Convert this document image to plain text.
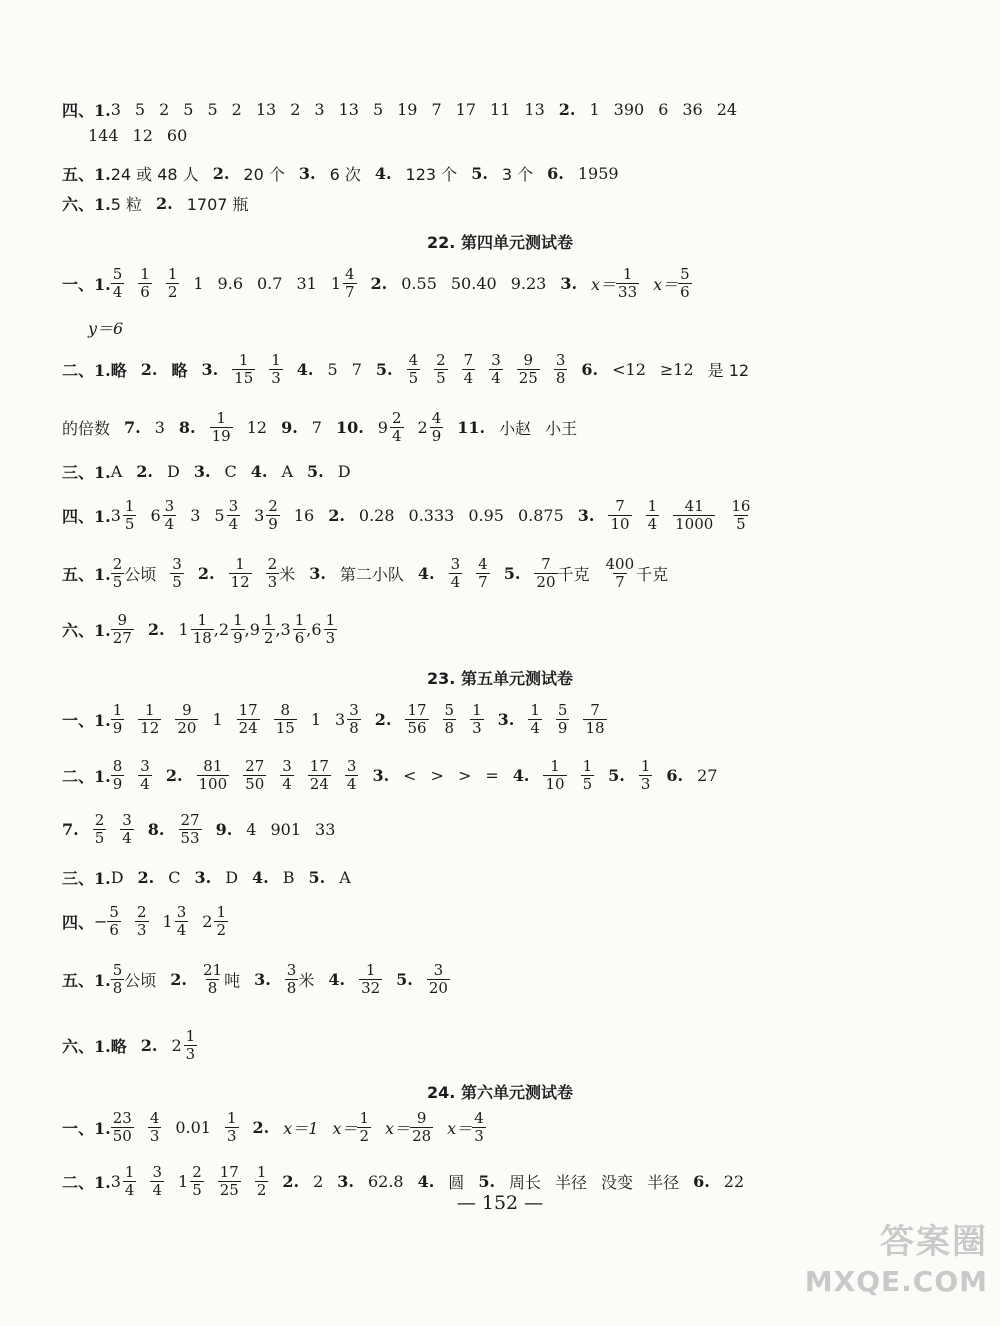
四、1. 3 5 2 5 5 2 13 2 3 13 5 19 7 17 11 13 2. 1 390 6 36 24
144 12 60
五、1. 24 或 48 人 2. 20 个 3. 6 次 4. 123 个 5. 3 个 6. 1959
六、1. 5 粒 2. 1707 瓶
22. 第四单元测试卷
一、1. $\frac{5}{4} \frac{1}{6} \frac{1}{2} 1$ 9.6 0.7 31 $1 \frac{4}{7} 2$. 0.55 50.40 9.23 3. $x= \frac{1}{33} x= \frac{5}{6}$
y＝6
二、1. 略 2. 略 3. $\frac{1}{15} \frac{1}{3} 4$. 5 7 5. $\frac{4}{5} \frac{2}{5} \frac{7}{4} \frac{3}{4} \frac{9}{25} \frac{3}{8} 6$. <12 ≥12 是 12
的倍数 7. 3 8. $\frac{1}{19} 12$ 9. 7 10. $9 \frac{2}{4} 2 \frac{4}{9} 11$. 小赵 小王
三、1. A 2. D 3. C 4. A 5. D
四、1. $3 \frac{1}{5} 6 \frac{3}{4} 3$ $5 \frac{3}{4} 3 \frac{2}{9} 16$ 2. 0.28 0.333 0.95 0.875 3. $\frac{7}{10} \frac{1}{4} \frac{41}{1000} \frac{16}{5}$
五、1. $\frac{2}{5}$ 公顷 $\frac{3}{5} 2$. $\frac{1}{12} \frac{2}{3}$ 米 3. 第二小队 4. $\frac{3}{4} \frac{4}{7} 5$. $\frac{7}{20}$ 千克 $\frac{400}{7}$ 千克
六、1. $\frac{9}{27} 2$. $1 \frac{1}{18}$ , $2 \frac{1}{9}$ , $9 \frac{1}{2}$ , $3 \frac{1}{6}$ , $6 \frac{1}{3}$
23. 第五单元测试卷
一、1. $\frac{1}{9} \frac{1}{12} \frac{9}{20} 1 \frac{17}{24} \frac{8}{15} 1$ $3 \frac{3}{8} 2$. $\frac{17}{56} \frac{5}{8} \frac{1}{3} 3$. $\frac{1}{4} \frac{5}{9} \frac{7}{18}$
二、1. $\frac{8}{9} \frac{3}{4} 2$. $\frac{81}{100} \frac{27}{50} \frac{3}{4} \frac{17}{24} \frac{3}{4} 3$. < > > = 4. $\frac{1}{10} \frac{1}{5} 5$. $\frac{1}{3} 6$. 27
7. $\frac{2}{5} \frac{3}{4} 8$. $\frac{27}{53} 9$. 4 901 33
三、1. D 2. C 3. D 4. B 5. A
四、 − $\frac{5}{6} \frac{2}{3} 1 \frac{3}{4} 2 \frac{1}{2}$
五、1. $\frac{5}{8}$ 公顷 2. $\frac{21}{8}$ 吨 3. $\frac{3}{8}$ 米 4. $\frac{1}{32} 5$. $\frac{3}{20}$
六、1. 略 2. $2 \frac{1}{3}$
24. 第六单元测试卷
一、1. $\frac{23}{50} \frac{4}{3} 0.01 \frac{1}{3} 2$. x＝1 $x= \frac{1}{2} x= \frac{9}{28} x= \frac{4}{3}$
二、1. $3 \frac{1}{4} \frac{3}{4} 1 \frac{2}{5} \frac{17}{25} \frac{1}{2} 2$. 2 3. 62.8 4. 圆 5. 周长 半径 没变 半径 6. 22
— 152 —
答案圈
MXQE.COM
